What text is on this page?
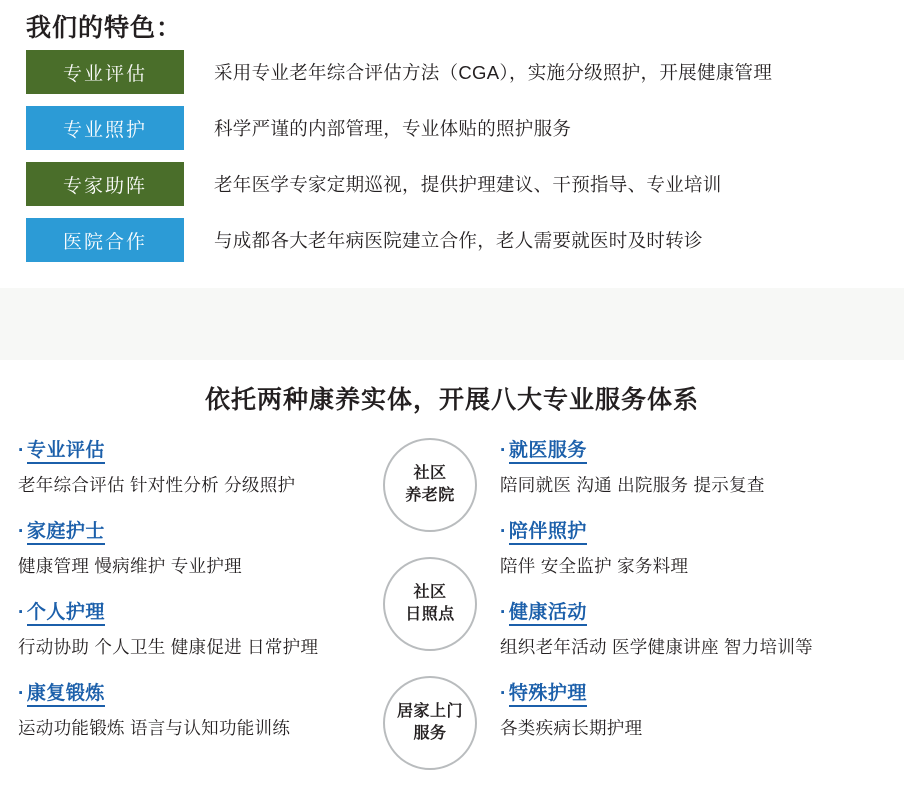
我们的特色：
专业评估	采用专业老年综合评估方法（CGA），实施分级照护，开展健康管理
专业照护	科学严谨的内部管理，专业体贴的照护服务
专家助阵	老年医学专家定期巡视，提供护理建议、干预指导、专业培训
医院合作	与成都各大老年病医院建立合作，老人需要就医时及时转诊
依托两种康养实体，开展八大专业服务体系
· 专业评估
老年综合评估 针对性分析 分级照护
· 家庭护士
健康管理 慢病维护 专业护理
· 个人护理
行动协助 个人卫生 健康促进 日常护理
· 康复锻炼
运动功能锻炼 语言与认知功能训练
社区
养老院
社区
日照点
居家上门
服务
· 就医服务
陪同就医 沟通 出院服务 提示复查
· 陪伴照护
陪伴 安全监护 家务料理
· 健康活动
组织老年活动 医学健康讲座 智力培训等
· 特殊护理
各类疾病长期护理
